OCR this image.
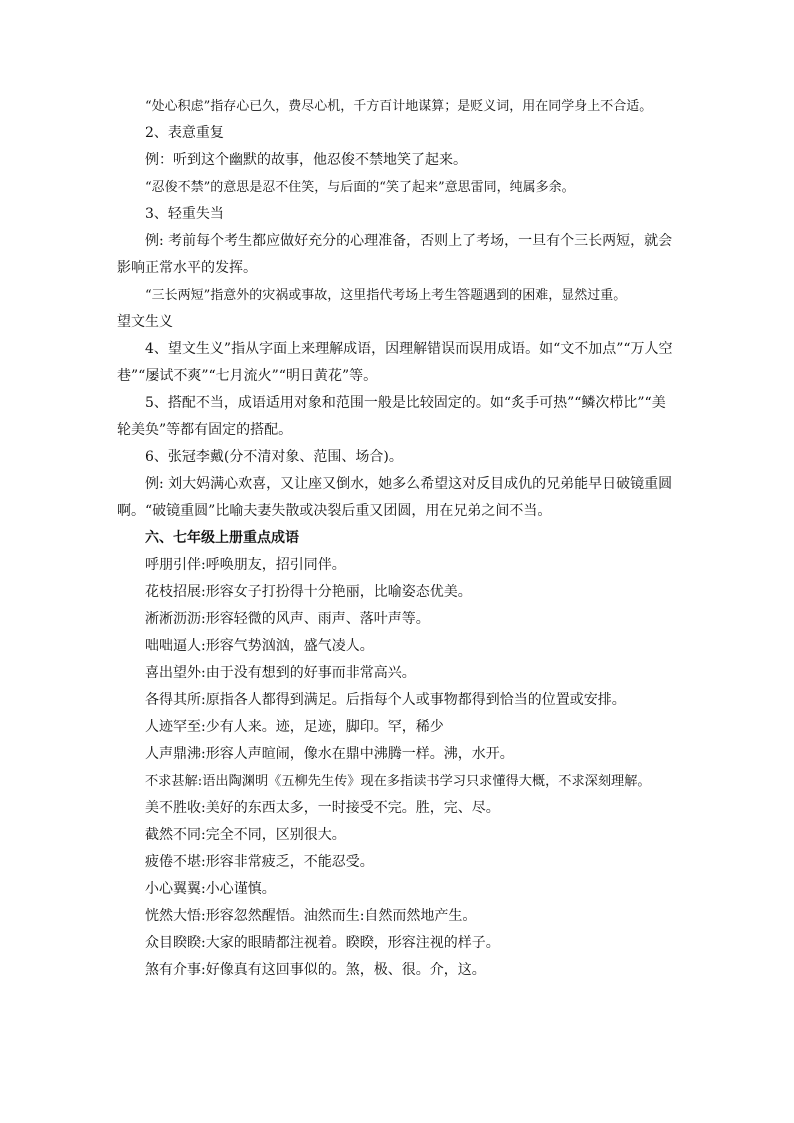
“处心积虑”指存心已久，费尽心机，千方百计地谋算；是贬义词，用在同学身上不合适。

2、表意重复

例：听到这个幽默的故事，他忍俊不禁地笑了起来。

“忍俊不禁”的意思是忍不住笑，与后面的“笑了起来”意思雷同，纯属多余。

3、轻重失当

例: 考前每个考生都应做好充分的心理准备，否则上了考场，一旦有个三长两短，就会影响正常水平的发挥。

“三长两短”指意外的灾祸或事故，这里指代考场上考生答题遇到的困难，显然过重。

望文生义

4、望文生义”指从字面上来理解成语，因理解错误而误用成语。如“文不加点”“万人空巷”“屡试不爽”“七月流火”“明日黄花”等。

5、搭配不当，成语适用对象和范围一般是比较固定的。如“炙手可热”“鳞次栉比”“美轮美奂”等都有固定的搭配。

6、张冠李戴(分不清对象、范围、场合)。

例: 刘大妈满心欢喜，又让座又倒水，她多么希望这对反目成仇的兄弟能早日破镜重圆啊。“破镜重圆”比喻夫妻失散或决裂后重又团圆，用在兄弟之间不当。

六、七年级上册重点成语

呼朋引伴:呼唤朋友，招引同伴。

花枝招展:形容女子打扮得十分艳丽，比喻姿态优美。

淅淅沥沥:形容轻微的风声、雨声、落叶声等。

咄咄逼人:形容气势汹汹，盛气凌人。

喜出望外:由于没有想到的好事而非常高兴。

各得其所:原指各人都得到满足。后指每个人或事物都得到恰当的位置或安排。

人迹罕至:少有人来。迹，足迹，脚印。罕，稀少

人声鼎沸:形容人声暄闹，像水在鼎中沸腾一样。沸，水开。

不求甚解:语出陶渊明《五柳先生传》现在多指读书学习只求懂得大概，不求深刻理解。

美不胜收:美好的东西太多，一时接受不完。胜，完、尽。

截然不同:完全不同，区别很大。

疲倦不堪:形容非常疲乏，不能忍受。

小心翼翼:小心谨慎。

恍然大悟:形容忽然醒悟。油然而生:自然而然地产生。

众目睽睽:大家的眼睛都注视着。睽睽，形容注视的样子。

煞有介事:好像真有这回事似的。煞，极、很。介，这。
